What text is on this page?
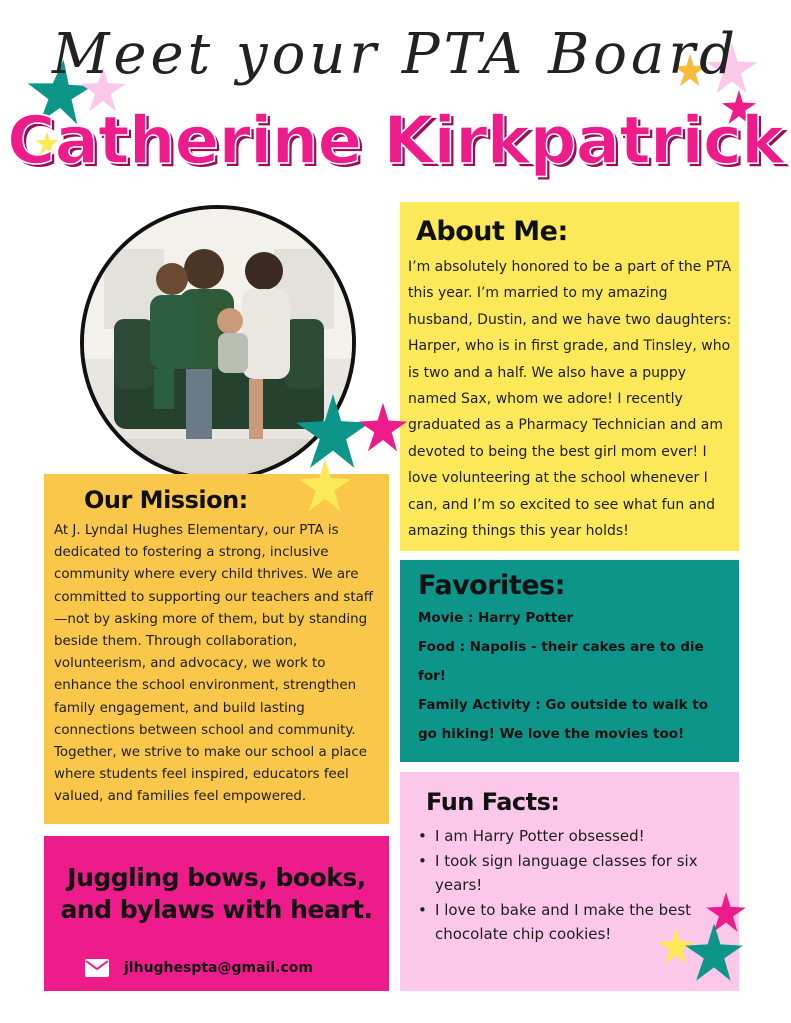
Meet your PTA Board
Catherine Kirkpatrick
About Me:

I’m absolutely honored to be a part of the PTA this year. I’m married to my amazing husband, Dustin, and we have two daughters: Harper, who is in first grade, and Tinsley, who is two and a half. We also have a puppy named Sax, whom we adore! I recently graduated as a Pharmacy Technician and am devoted to being the best girl mom ever! I love volunteering at the school whenever I can, and I’m so excited to see what fun and amazing things this year holds!

Our Mission:

At J. Lyndal Hughes Elementary, our PTA is dedicated to fostering a strong, inclusive community where every child thrives. We are committed to supporting our teachers and staff—not by asking more of them, but by standing beside them. Through collaboration, volunteerism, and advocacy, we work to enhance the school environment, strengthen family engagement, and build lasting connections between school and community. Together, we strive to make our school a place where students feel inspired, educators feel valued, and families feel empowered.

Favorites:
Movie : Harry Potter
Food : Napolis - their cakes are to die for!
Family Activity : Go outside to walk to go hiking! We love the movies too!
Juggling bows, books, and bylaws with heart.
jlhughespta@gmail.com
Fun Facts:
• I am Harry Potter obsessed!
• I took sign language classes for six years!
• I love to bake and I make the best chocolate chip cookies!
